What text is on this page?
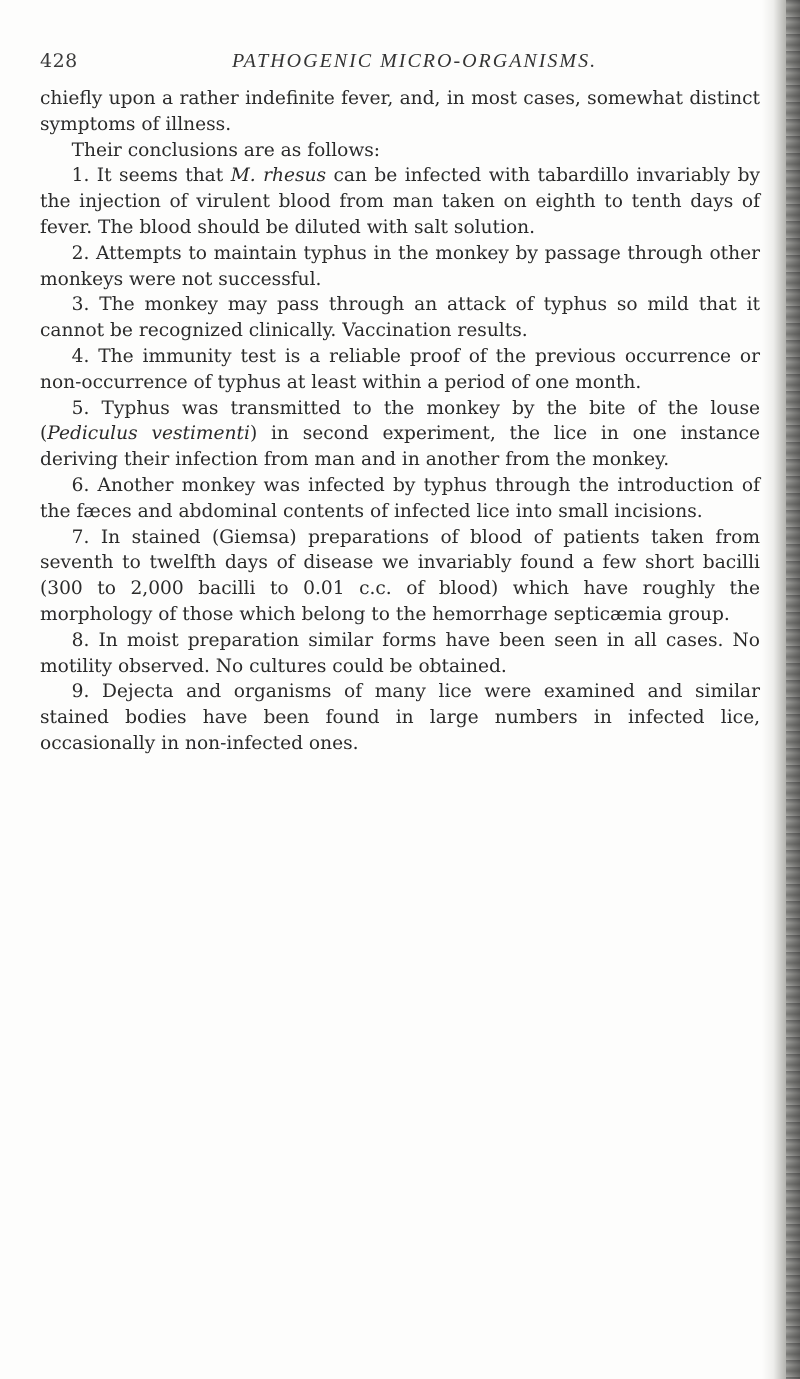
428	PATHOGENIC MICRO-ORGANISMS.

chiefly upon a rather indefinite fever, and, in most cases, somewhat distinct symptoms of illness.

Their conclusions are as follows:

1. It seems that M. rhesus can be infected with tabardillo invariably by the injection of virulent blood from man taken on eighth to tenth days of fever. The blood should be diluted with salt solution.

2. Attempts to maintain typhus in the monkey by passage through other monkeys were not successful.

3. The monkey may pass through an attack of typhus so mild that it cannot be recognized clinically. Vaccination results.

4. The immunity test is a reliable proof of the previous occurrence or non-occurrence of typhus at least within a period of one month.

5. Typhus was transmitted to the monkey by the bite of the louse (Pediculus vestimenti) in second experiment, the lice in one instance deriving their infection from man and in another from the monkey.

6. Another monkey was infected by typhus through the introduction of the fæces and abdominal contents of infected lice into small incisions.

7. In stained (Giemsa) preparations of blood of patients taken from seventh to twelfth days of disease we invariably found a few short bacilli (300 to 2,000 bacilli to 0.01 c.c. of blood) which have roughly the morphology of those which belong to the hemorrhage septicæmia group.

8. In moist preparation similar forms have been seen in all cases. No motility observed. No cultures could be obtained.

9. Dejecta and organisms of many lice were examined and similar stained bodies have been found in large numbers in infected lice, occasionally in non-infected ones.
